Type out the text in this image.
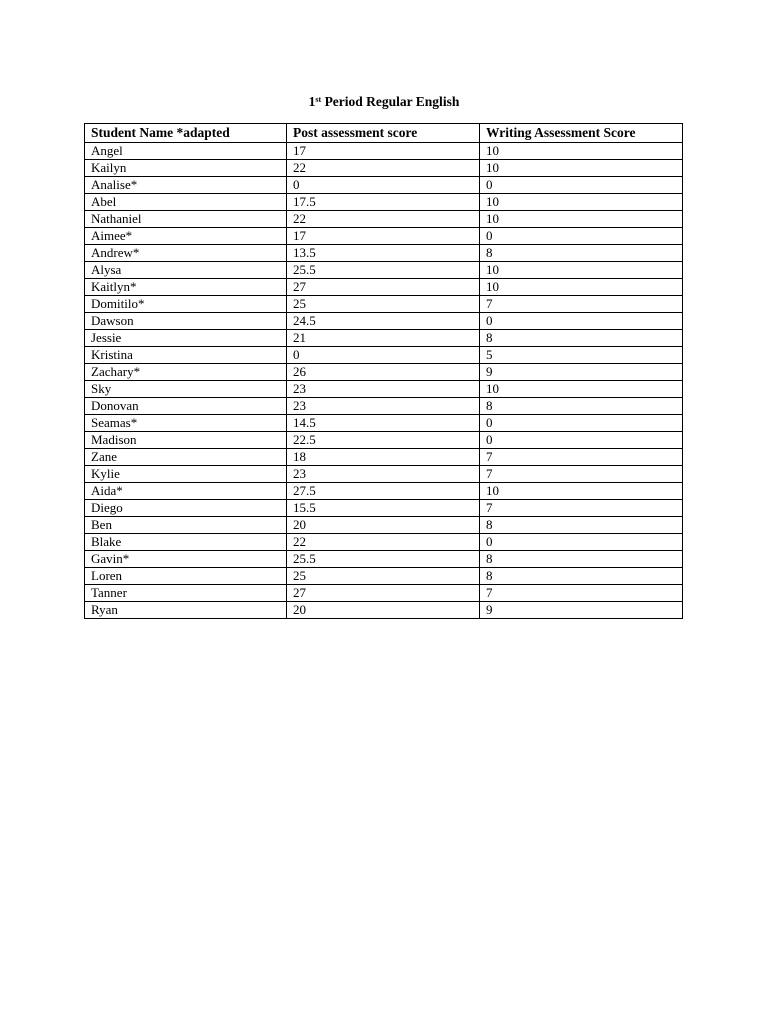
1st Period Regular English
Student Name *adapted	Post assessment score	Writing Assessment Score
Angel	17	10
Kailyn	22	10
Analise*	0	0
Abel	17.5	10
Nathaniel	22	10
Aimee*	17	0
Andrew*	13.5	8
Alysa	25.5	10
Kaitlyn*	27	10
Domitilo*	25	7
Dawson	24.5	0
Jessie	21	8
Kristina	0	5
Zachary*	26	9
Sky	23	10
Donovan	23	8
Seamas*	14.5	0
Madison	22.5	0
Zane	18	7
Kylie	23	7
Aida*	27.5	10
Diego	15.5	7
Ben	20	8
Blake	22	0
Gavin*	25.5	8
Loren	25	8
Tanner	27	7
Ryan	20	9
